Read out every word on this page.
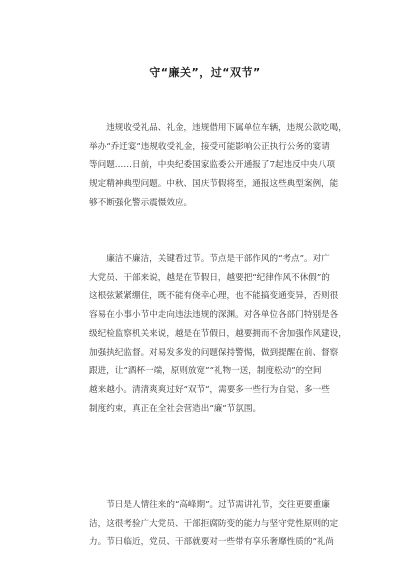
守“廉关”，过“双节”
　　违规收受礼品、礼金，违规借用下属单位车辆，违规公款吃喝，
举办“乔迁宴”违规收受礼金，接受可能影响公正执行公务的宴请
等问题……日前，中央纪委国家监委公开通报了7起违反中央八项
规定精神典型问题。中秋、国庆节假将至，通报这些典型案例，能
够不断强化警示震慑效应。
　　廉洁不廉洁，关键看过节。节点是干部作风的“考点”。对广
大党员、干部来说，越是在节假日，越要把“纪律作风不休假”的
这根弦紧紧绷住，既不能有侥幸心理，也不能搞变通变异，否则很
容易在小事小节中走向违法违规的深渊。对各单位各部门特别是各
级纪检监察机关来说，越是在节假日，越要拥而不舍加强作风建设，
加强执纪监督。对易发多发的问题保持警惕，做到提醒在前、督察
跟进，让“酒杯一端，原则放宽”“礼物一送，制度松动”的空间
越来越小。清清爽爽过好“双节”，需要多一些行为自觉、多一些
制度约束，真正在全社会营造出“廉”节氛围。
　　节日是人情往来的“高峰期”。过节需讲礼节，交往更要重廉
洁，这很考验广大党员、干部拒腐防变的能力与坚守党性原则的定
力。节日临近，党员、干部就要对一些带有享乐奢靡性质的“礼尚
